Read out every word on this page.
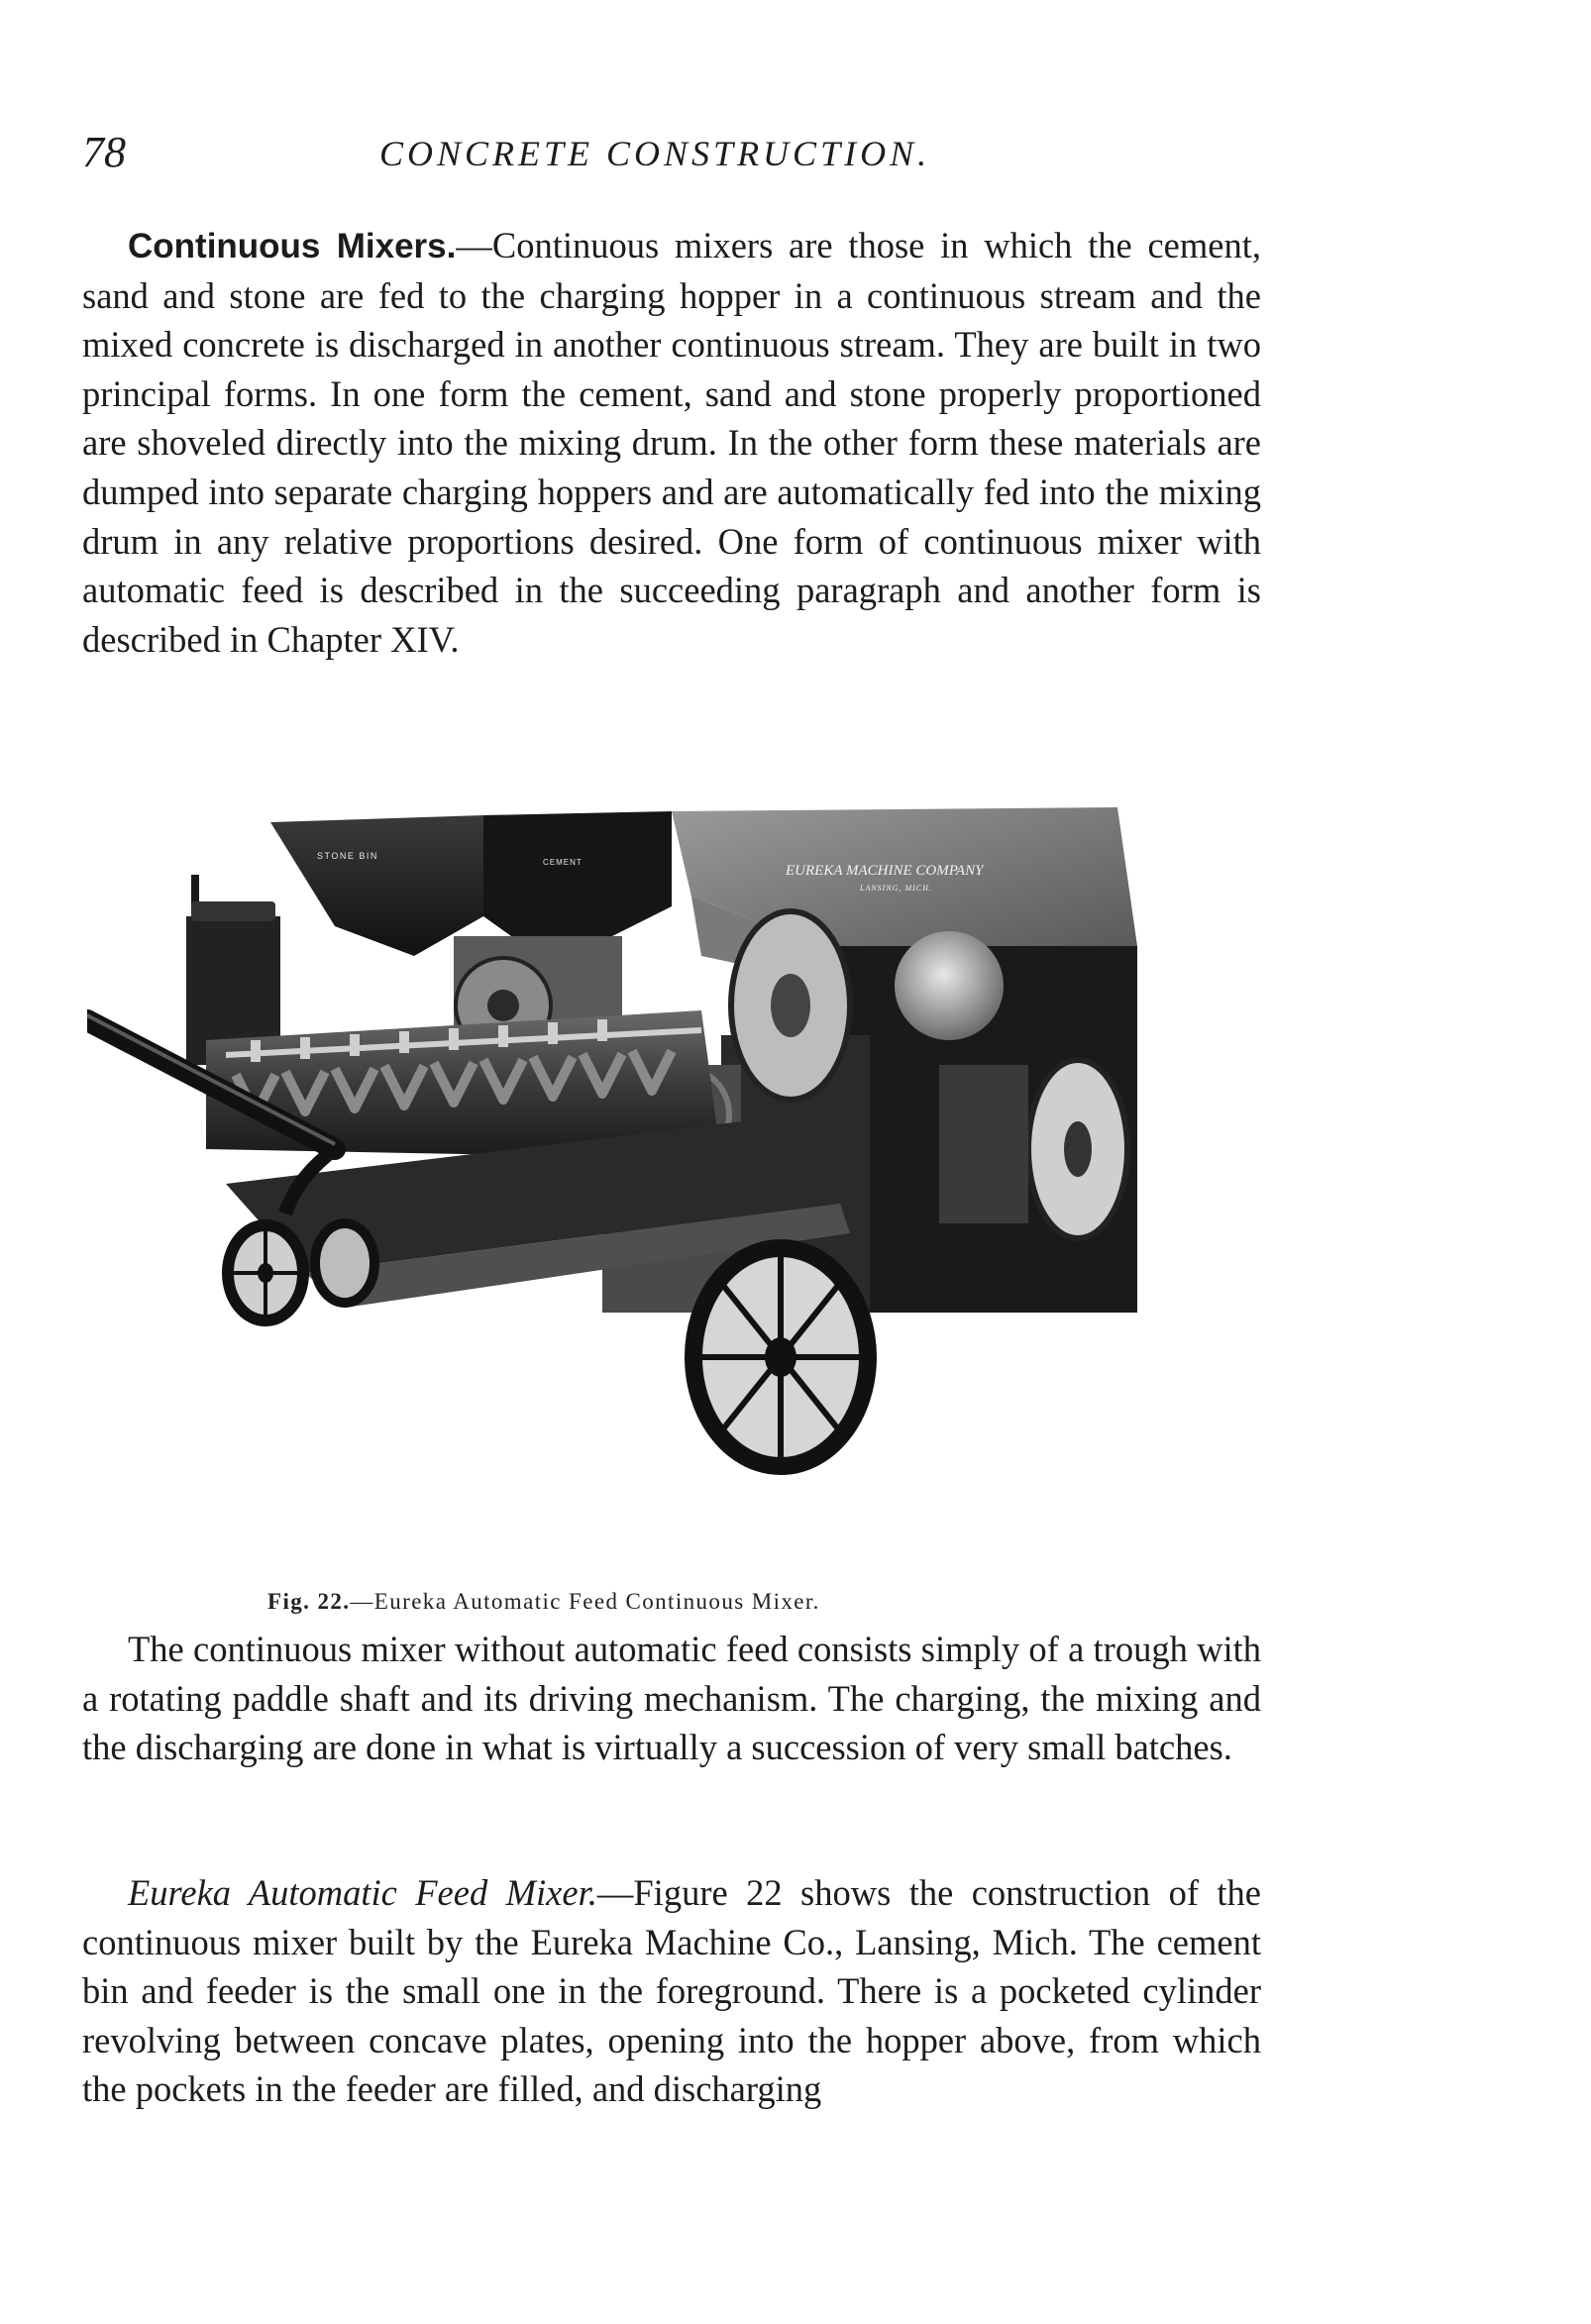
78	CONCRETE CONSTRUCTION.

Continuous Mixers.—Continuous mixers are those in which the cement, sand and stone are fed to the charging hopper in a continuous stream and the mixed concrete is discharged in another continuous stream. They are built in two principal forms. In one form the cement, sand and stone properly proportioned are shoveled directly into the mixing drum. In the other form these materials are dumped into separate charging hoppers and are automatically fed into the mixing drum in any relative proportions desired. One form of continuous mixer with automatic feed is described in the succeeding paragraph and another form is described in Chapter XIV.

STONE BIN
CEMENT
EUREKA MACHINE COMPANY
LANSING, MICH.
Fig. 22.—Eureka Automatic Feed Continuous Mixer.

The continuous mixer without automatic feed consists simply of a trough with a rotating paddle shaft and its driving mechanism. The charging, the mixing and the discharging are done in what is virtually a succession of very small batches.

Eureka Automatic Feed Mixer.—Figure 22 shows the construction of the continuous mixer built by the Eureka Machine Co., Lansing, Mich. The cement bin and feeder is the small one in the foreground. There is a pocketed cylinder revolving between concave plates, opening into the hopper above, from which the pockets in the feeder are filled, and discharging
